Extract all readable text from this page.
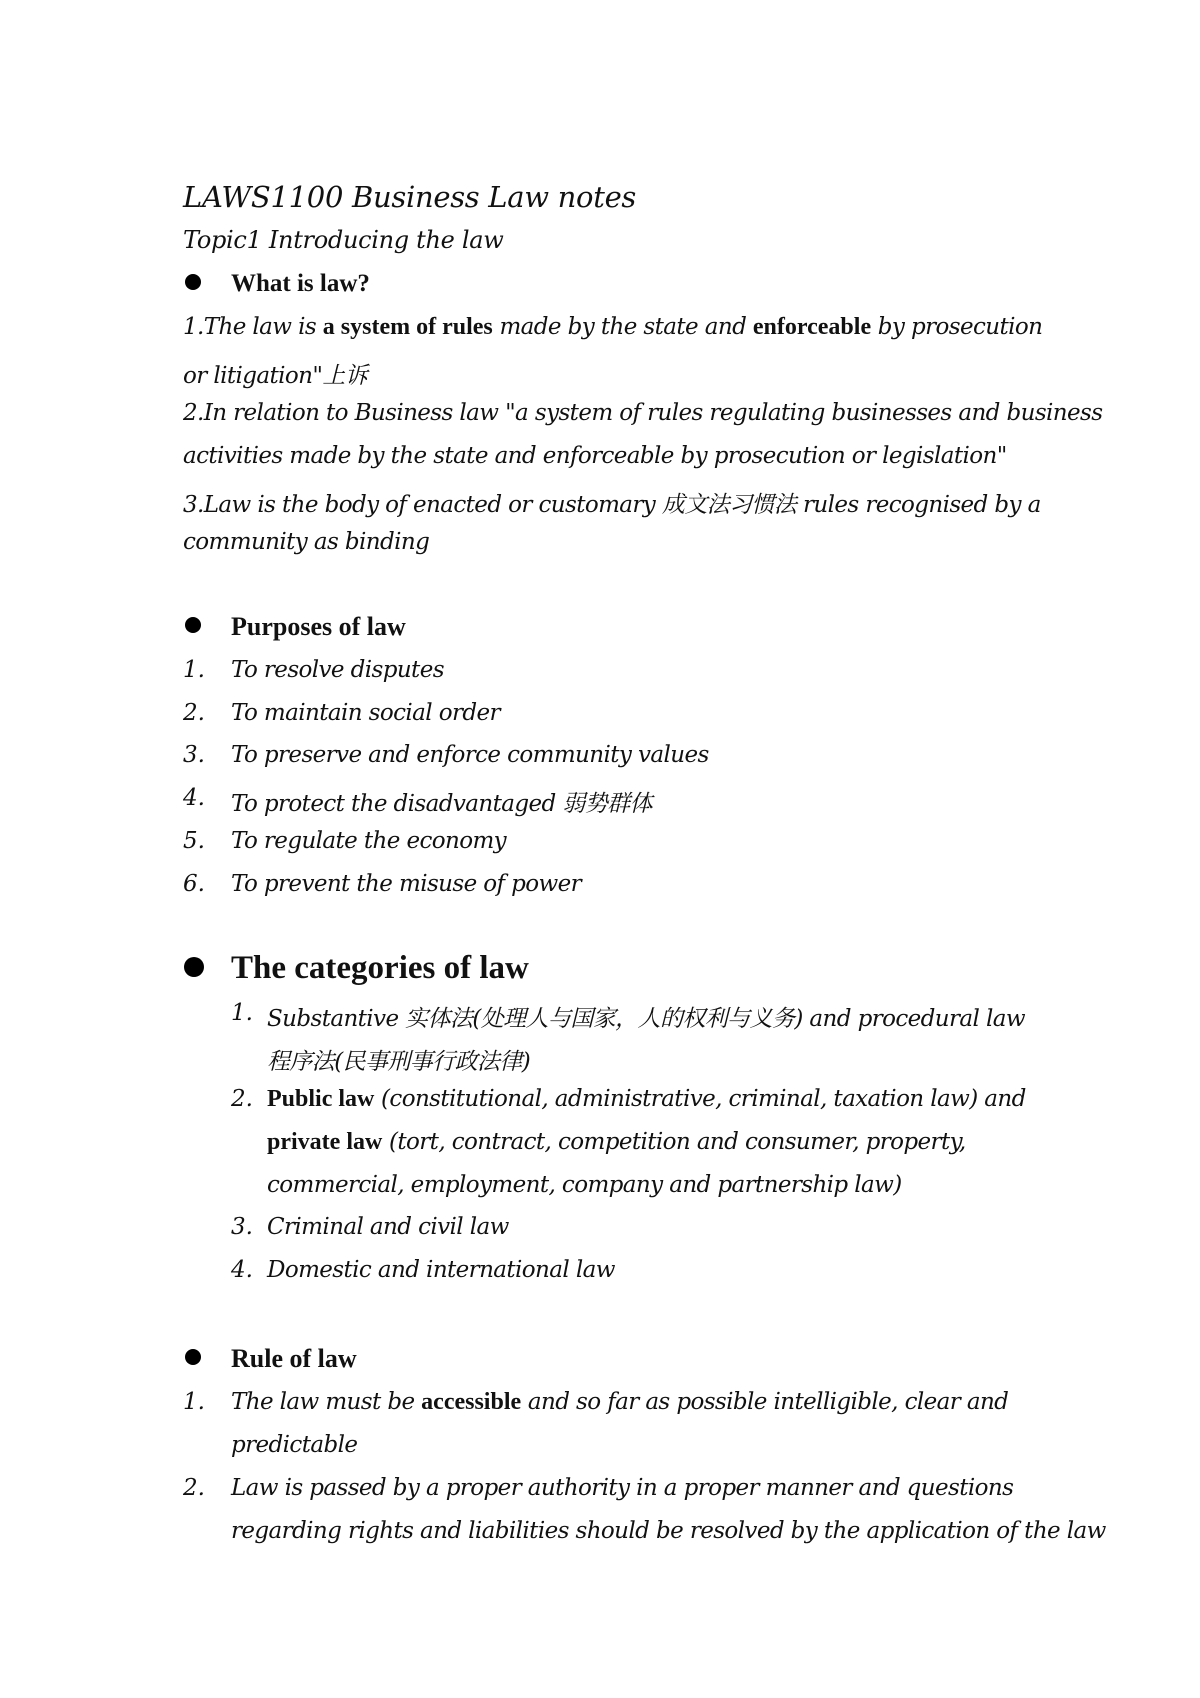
LAWS1100 Business Law notes
Topic1 Introducing the law
What is law?
1.The law is a system of rules made by the state and enforceable by prosecution
or litigation"上诉
2.In relation to Business law "a system of rules regulating businesses and business
activities made by the state and enforceable by prosecution or legislation"
3.Law is the body of enacted or customary 成文法习惯法 rules recognised by a
community as binding
Purposes of law
1. To resolve disputes
2. To maintain social order
3. To preserve and enforce community values
4. To protect the disadvantaged 弱势群体
5. To regulate the economy
6. To prevent the misuse of power
The categories of law
1. Substantive 实体法(处理人与国家，人的权利与义务) and procedural law
程序法(民事刑事行政法律)
2. Public law (constitutional, administrative, criminal, taxation law) and
private law (tort, contract, competition and consumer, property,
commercial, employment, company and partnership law)
3. Criminal and civil law
4. Domestic and international law
Rule of law
1. The law must be accessible and so far as possible intelligible, clear and
predictable
2. Law is passed by a proper authority in a proper manner and questions
regarding rights and liabilities should be resolved by the application of the law
